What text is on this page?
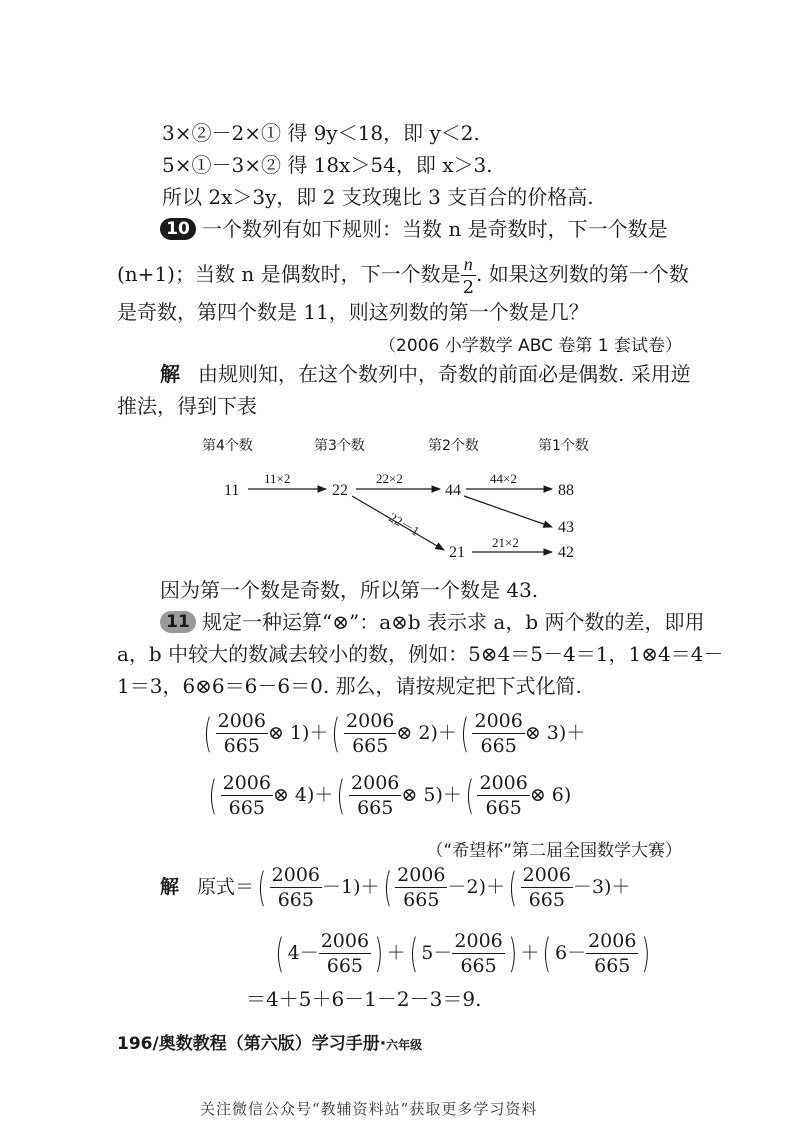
3×②－2×① 得 9y＜18，即 y＜2.
5×①－3×② 得 18x＞54，即 x＞3.
所以 2x＞3y，即 2 支玫瑰比 3 支百合的价格高.
10 一个数列有如下规则：当数 n 是奇数时，下一个数是
(n+1)；当数 n 是偶数时，下一个数是 $\frac{n}{2}$ . 如果这列数的第一个数
是奇数，第四个数是 11，则这列数的第一个数是几？
（2006 小学数学 ABC 卷第 1 套试卷）
解 由规则知，在这个数列中，奇数的前面必是偶数. 采用逆
推法，得到下表
第4个数	第3个数	第2个数	第1个数
11	22	44	88
43
21	42
11×2	22×2	44×2
22－1
21×2
因为第一个数是奇数，所以第一个数是 43.
11 规定一种运算“⊗”：a⊗b 表示求 a，b 两个数的差，即用
a，b 中较大的数减去较小的数，例如：5⊗4＝5－4＝1，1⊗4＝4－
1＝3，6⊗6＝6－6＝0. 那么，请按规定把下式化简.
( $\frac{2006}{665}$ ⊗ $1)+( \frac{2006}{665}$ ⊗ $2)+( \frac{2006}{665}$ ⊗ 3)＋
( $\frac{2006}{665}$ ⊗ $4)+( \frac{2006}{665}$ ⊗ $5)+( \frac{2006}{665}$ ⊗ 6)
（“希望杯”第二届全国数学大赛）
解 原式＝( $\frac{2006}{665} -1)+( \frac{2006}{665} -2)+( \frac{2006}{665} -3)+$
( $4- \frac{2006}{665}$ ) ＋( $5- \frac{2006}{665}$ ) ＋( $6- \frac{2006}{665}$ )
＝4＋5＋6－1－2－3＝9.
196/奥数教程（第六版）学习手册·六年级
关注微信公众号“教辅资料站”获取更多学习资料
